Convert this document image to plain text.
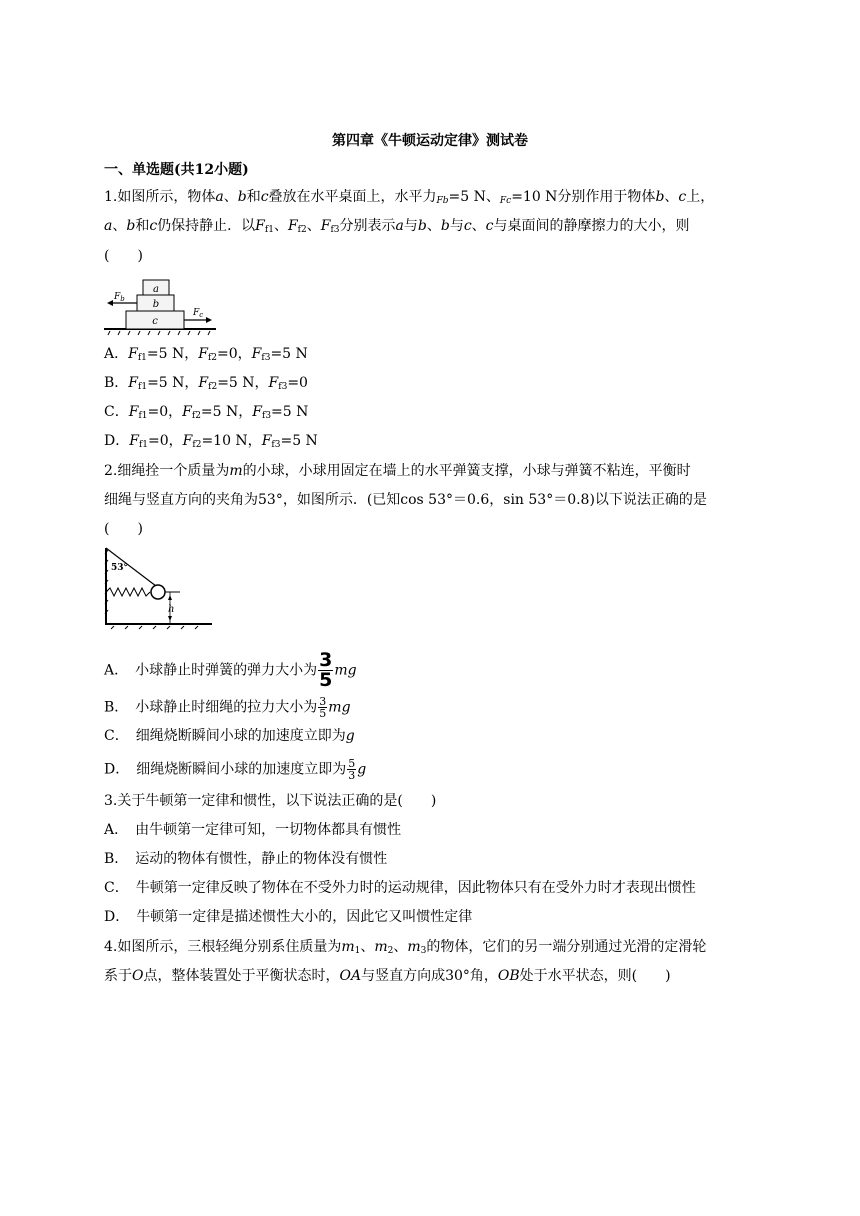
第四章《牛顿运动定律》测试卷
一、单选题(共12小题)
1.如图所示，物体a、b和c叠放在水平桌面上，水平力$_{Fb}$=5 N、$_{Fc}$=10 N分别作用于物体b、c上，
a、b和c仍保持静止．以$F_{f1}$、$F_{f2}$、$F_{f3}$分别表示a与b、b与c、c与桌面间的静摩擦力的大小，则
(　　)
a
b
c
$F_b$
$F_c$
A．$F_{f1}=5$ N，$F_{f2}=0$，$F_{f3}=5$ N
B．$F_{f1}=5$ N，$F_{f2}=5$ N，$F_{f3}=0$
C．$F_{f1}=0$，$F_{f2}=5$ N，$F_{f3}=5$ N
D．$F_{f1}=0$，$F_{f2}=10$ N，$F_{f3}=5$ N
2.细绳拴一个质量为m的小球，小球用固定在墙上的水平弹簧支撑，小球与弹簧不粘连，平衡时
细绳与竖直方向的夹角为53°，如图所示．(已知cos 53°＝0.6，sin 53°＝0.8)以下说法正确的是
(　　)
53°
h
A．  小球静止时弹簧的弹力大小为 $\frac{3}{5}$ mg
B．  小球静止时细绳的拉力大小为 $\frac{3}{5}$ mg
C．  细绳烧断瞬间小球的加速度立即为g
D．  细绳烧断瞬间小球的加速度立即为 $\frac{5}{3}$ g
3.关于牛顿第一定律和惯性，以下说法正确的是(　　)
A．  由牛顿第一定律可知，一切物体都具有惯性
B．  运动的物体有惯性，静止的物体没有惯性
C．  牛顿第一定律反映了物体在不受外力时的运动规律，因此物体只有在受外力时才表现出惯性
D．  牛顿第一定律是描述惯性大小的，因此它又叫惯性定律
4.如图所示，三根轻绳分别系住质量为$m_1$、$m_2$、$m_3$的物体，它们的另一端分别通过光滑的定滑轮
系于O点，整体装置处于平衡状态时，OA与竖直方向成30°角，OB处于水平状态，则(　　)
